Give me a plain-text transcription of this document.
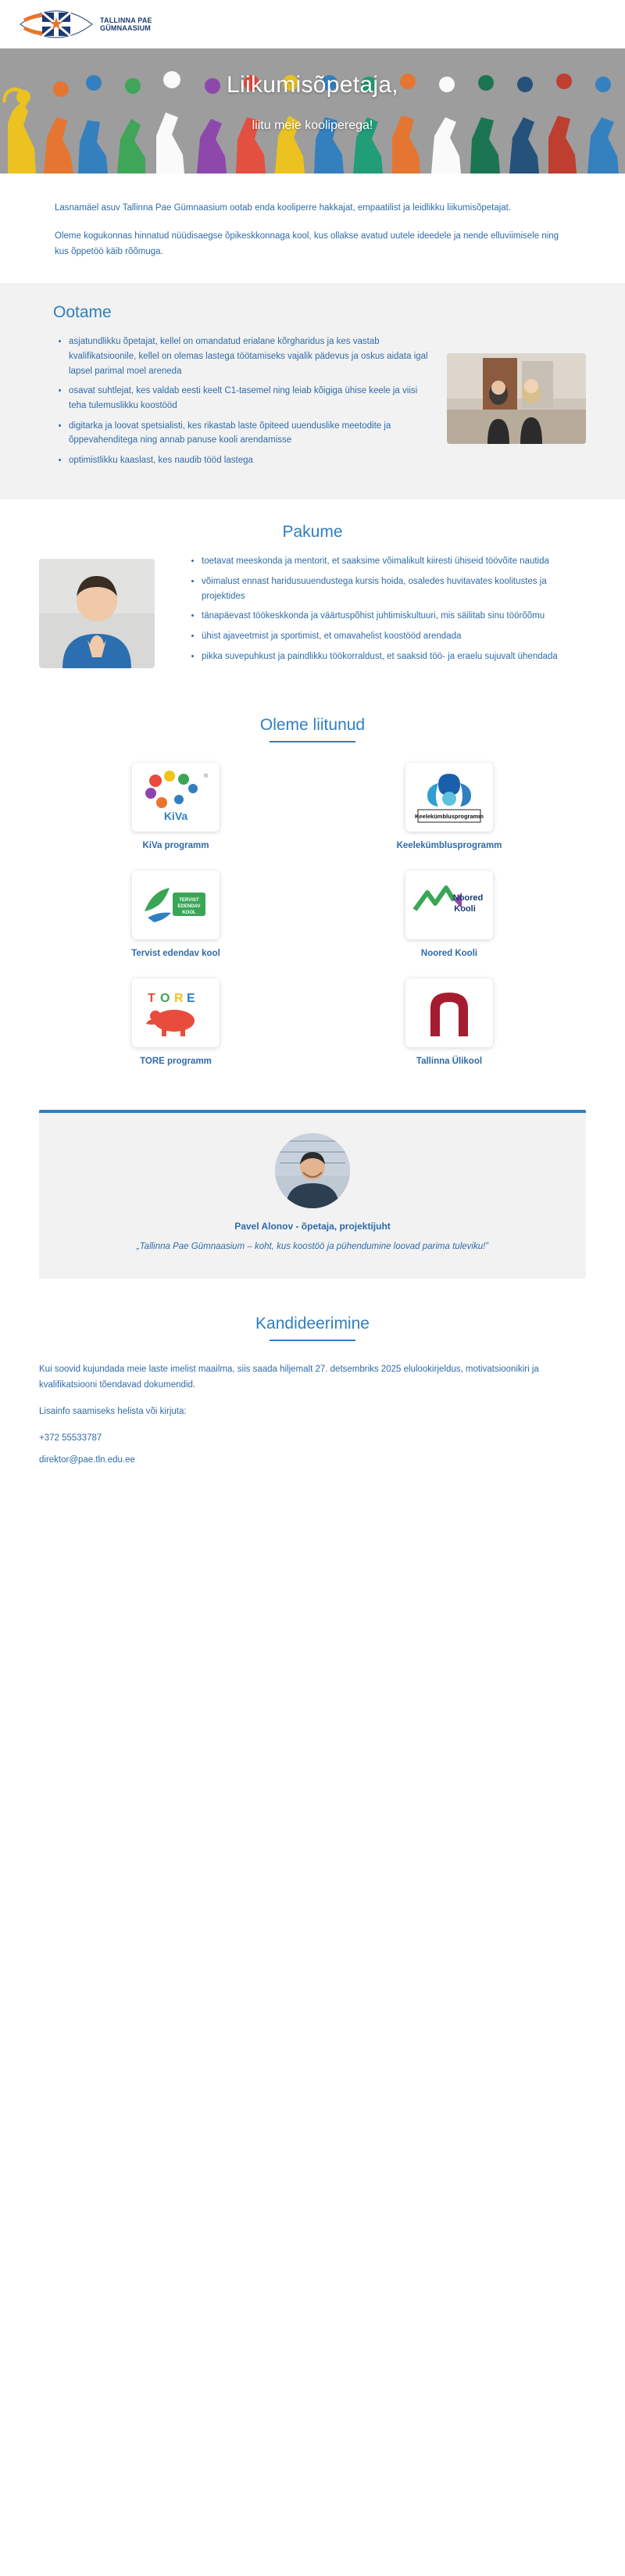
TALLINNA PAE GÜMNAASIUM
Liikumisõpetaja,
liitu meie kooliperega!

Lasnamäel asuv Tallinna Pae Gümnaasium ootab enda kooliperre hakkajat, empaatilist ja leidlikku liikumisõpetajat.

Oleme kogukonnas hinnatud nüüdisaegse õpikeskkonnaga kool, kus ollakse avatud uutele ideedele ja nende elluviimisele ning kus õppetöö käib rõõmuga.

Ootame
• asjatundlikku õpetajat, kellel on omandatud erialane kõrgharidus ja kes vastab kvalifikatsioonile, kellel on olemas lastega töötamiseks vajalik pädevus ja oskus aidata igal lapsel parimal moel areneda
• osavat suhtlejat, kes valdab eesti keelt C1-tasemel ning leiab kõigiga ühise keele ja viisi teha tulemuslikku koostööd
• digitarka ja loovat spetsialisti, kes rikastab laste õpiteed uuenduslike meetodite ja õppevahenditega ning annab panuse kooli arendamisse
• optimistlikku kaaslast, kes naudib tööd lastega
Pakume
• toetavat meeskonda ja mentorit, et saaksime võimalikult kiiresti ühiseid töövõite nautida
• võimalust ennast haridusuuendustega kursis hoida, osaledes huvitavates koolitustes ja projektides
• tänapäevast töökeskkonda ja väärtuspõhist juhtimiskultuuri, mis säilitab sinu töörõõmu
• ühist ajaveetmist ja sportimist, et omavahelist koostööd arendada
• pikka suvepuhkust ja paindlikku töökorraldust, et saaksid töö- ja eraelu sujuvalt ühendada
Oleme liitunud
KiVa
®
KiVa programm
Keelekümblusprogramm
Keelekümblusprogramm
TERVIST
EDENDAV
KOOL
Tervist edendav kool
Noored
Kooli
Noored Kooli
T O R E
TORE programm	Tallinna Ülikool
Pavel Alonov - õpetaja, projektijuht
„Tallinna Pae Gümnaasium – koht, kus koostöö ja pühendumine loovad parima tuleviku!”
Kandideerimine

Kui soovid kujundada meie laste imelist maailma, siis saada hiljemalt 27. detsembriks 2025 elulookirjeldus, motivatsioonikiri ja kvalifikatsiooni tõendavad dokumendid.

Lisainfo saamiseks helista või kirjuta:

+372 55533787

direktor@pae.tln.edu.ee
